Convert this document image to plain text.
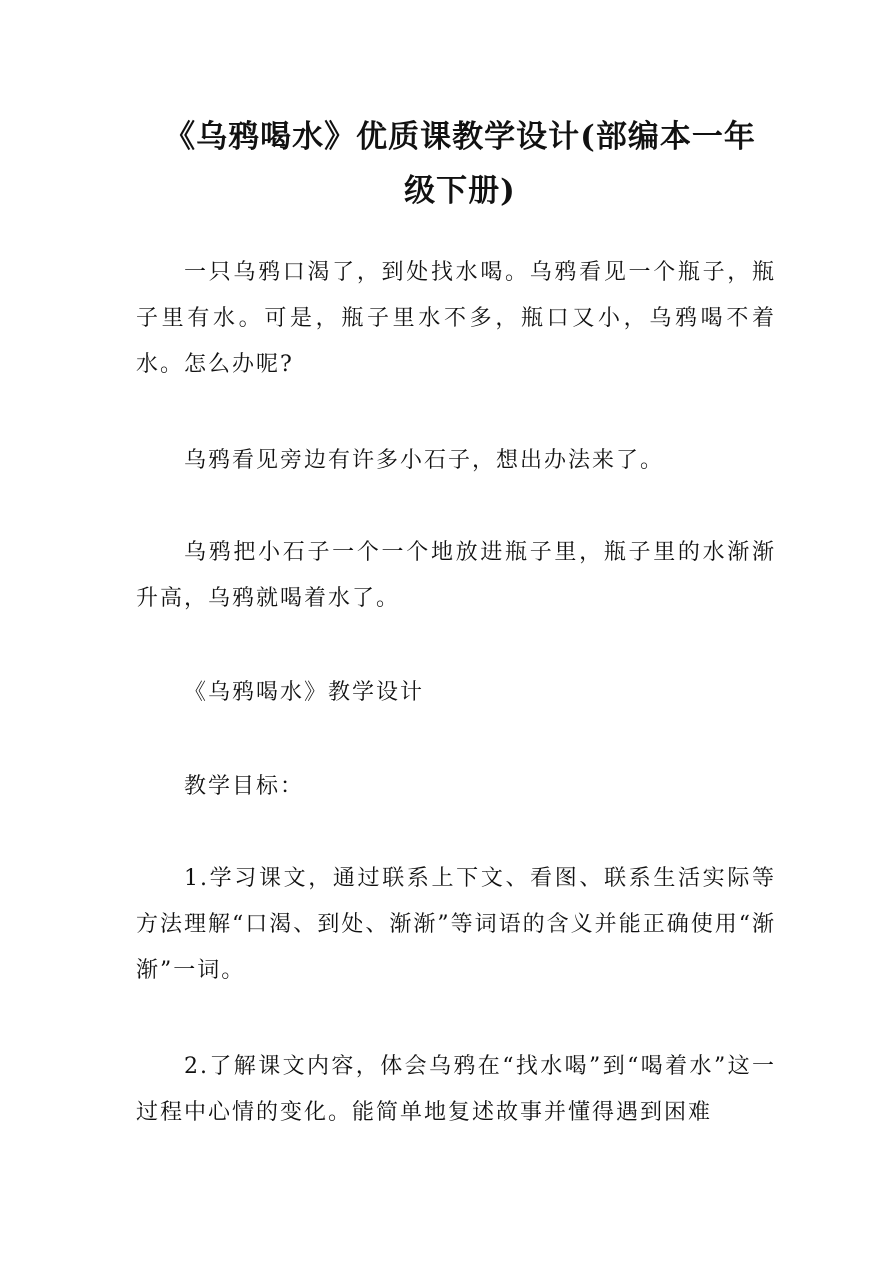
《乌鸦喝水》优质课教学设计(部编本一年级下册)

一只乌鸦口渴了，到处找水喝。乌鸦看见一个瓶子，瓶子里有水。可是，瓶子里水不多，瓶口又小，乌鸦喝不着水。怎么办呢?

乌鸦看见旁边有许多小石子，想出办法来了。

乌鸦把小石子一个一个地放进瓶子里，瓶子里的水渐渐升高，乌鸦就喝着水了。

《乌鸦喝水》教学设计

教学目标：

1.学习课文，通过联系上下文、看图、联系生活实际等方法理解“口渴、到处、渐渐”等词语的含义并能正确使用“渐渐”一词。

2.了解课文内容，体会乌鸦在“找水喝”到“喝着水”这一过程中心情的变化。能简单地复述故事并懂得遇到困难
